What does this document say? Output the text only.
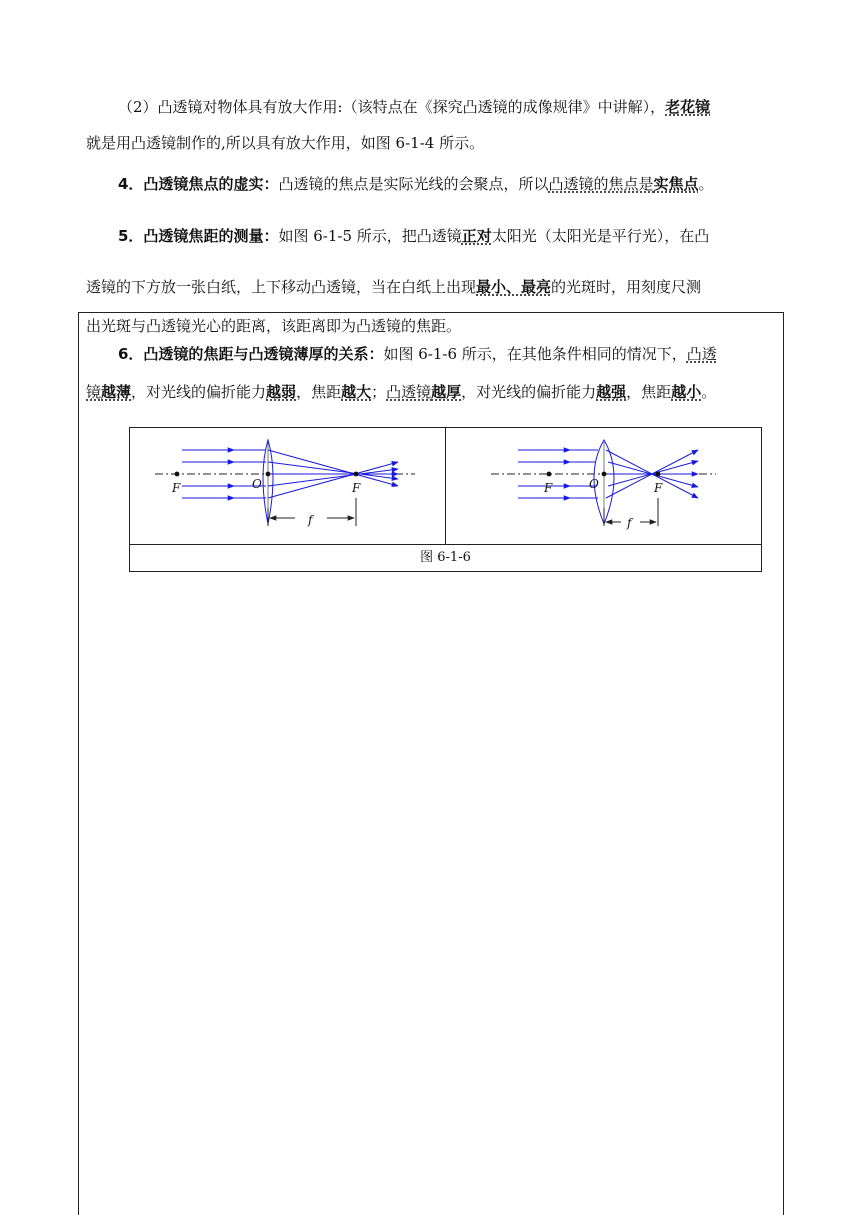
（2）凸透镜对物体具有放大作用:（该特点在《探究凸透镜的成像规律》中讲解），老花镜
就是用凸透镜制作的,所以具有放大作用，如图 6-1-4 所示。
4．凸透镜焦点的虚实：凸透镜的焦点是实际光线的会聚点，所以凸透镜的焦点是实焦点。
5．凸透镜焦距的测量：如图 6-1-5 所示，把凸透镜正对太阳光（太阳光是平行光），在凸
透镜的下方放一张白纸，上下移动凸透镜，当在白纸上出现最小、最亮的光斑时，用刻度尺测
出光斑与凸透镜光心的距离，该距离即为凸透镜的焦距。
6．凸透镜的焦距与凸透镜薄厚的关系：如图 6-1-6 所示，在其他条件相同的情况下，凸透
镜越薄，对光线的偏折能力越弱，焦距越大；凸透镜越厚，对光线的偏折能力越强，焦距越小。
F	O	F
f
F	O	F
f
图 6-1-6
